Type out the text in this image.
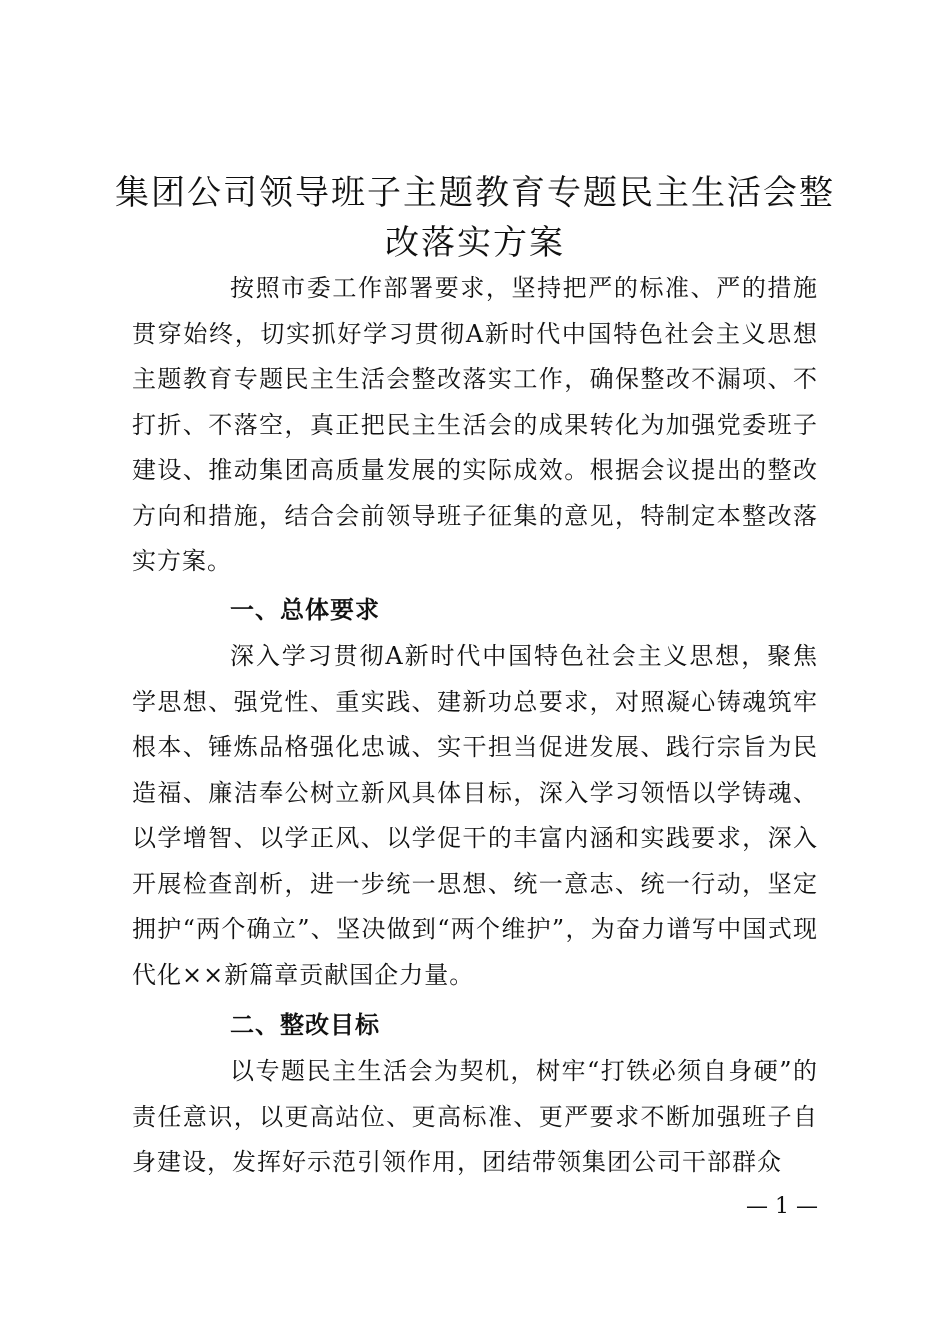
集团公司领导班子主题教育专题民主生活会整改落实方案

按照市委工作部署要求，坚持把严的标准、严的措施贯穿始终，切实抓好学习贯彻A新时代中国特色社会主义思想主题教育专题民主生活会整改落实工作，确保整改不漏项、不打折、不落空，真正把民主生活会的成果转化为加强党委班子建设、推动集团高质量发展的实际成效。根据会议提出的整改方向和措施，结合会前领导班子征集的意见，特制定本整改落实方案。

一、总体要求

深入学习贯彻A新时代中国特色社会主义思想，聚焦学思想、强党性、重实践、建新功总要求，对照凝心铸魂筑牢根本、锤炼品格强化忠诚、实干担当促进发展、践行宗旨为民造福、廉洁奉公树立新风具体目标，深入学习领悟以学铸魂、以学增智、以学正风、以学促干的丰富内涵和实践要求，深入开展检查剖析，进一步统一思想、统一意志、统一行动，坚定拥护“两个确立”、坚决做到“两个维护”，为奋力谱写中国式现代化××新篇章贡献国企力量。

二、整改目标

以专题民主生活会为契机，树牢“打铁必须自身硬”的责任意识，以更高站位、更高标准、更严要求不断加强班子自身建设，发挥好示范引领作用，团结带领集团公司干部群众

— 1 —
